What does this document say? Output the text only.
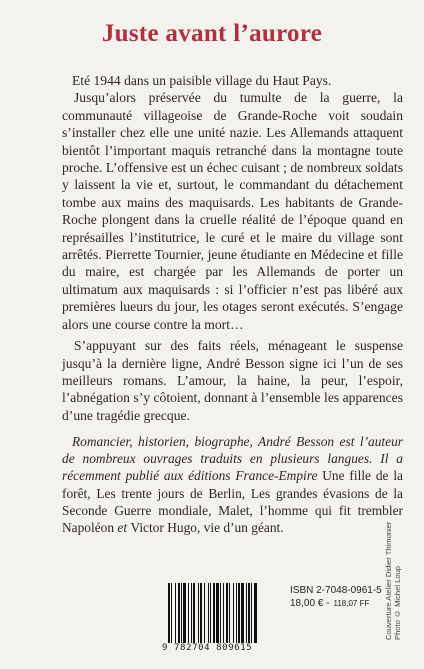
Juste avant l’aurore

Eté 1944 dans un paisible village du Haut Pays.

Jusqu’alors préservée du tumulte de la guerre, la communauté villageoise de Grande-Roche voit soudain s’installer chez elle une unité nazie. Les Allemands attaquent bientôt l’important maquis retranché dans la montagne toute proche. L’offensive est un échec cuisant ; de nombreux soldats y laissent la vie et, surtout, le commandant du détachement tombe aux mains des maquisards. Les habitants de Grande-Roche plongent dans la cruelle réalité de l’époque quand en représailles l’institutrice, le curé et le maire du village sont arrêtés. Pierrette Tournier, jeune étudiante en Médecine et fille du maire, est chargée par les Allemands de porter un ultimatum aux maquisards : si l’officier n’est pas libéré aux premières lueurs du jour, les otages seront exécutés. S’engage alors une course contre la mort…

S’appuyant sur des faits réels, ménageant le suspense jusqu’à la dernière ligne, André Besson signe ici l’un de ses meilleurs romans. L’amour, la haine, la peur, l’espoir, l’abnégation s’y côtoient, donnant à l’ensemble les apparences d’une tragédie grecque.

Romancier, historien, biographe, André Besson est l’auteur de nombreux ouvrages traduits en plusieurs langues. Il a récemment publié aux éditions France-Empire Une fille de la forêt, Les trente jours de Berlin, Les grandes évasions de la Seconde Guerre mondiale, Malet, l’homme qui fit trembler Napoléon et Victor Hugo, vie d’un géant.	Couverture Atelier Didier Thimonier Photo © Michel Loup
9 782704 809615
ISBN 2-7048-0961-5
18,00 € - 118,07 FF
